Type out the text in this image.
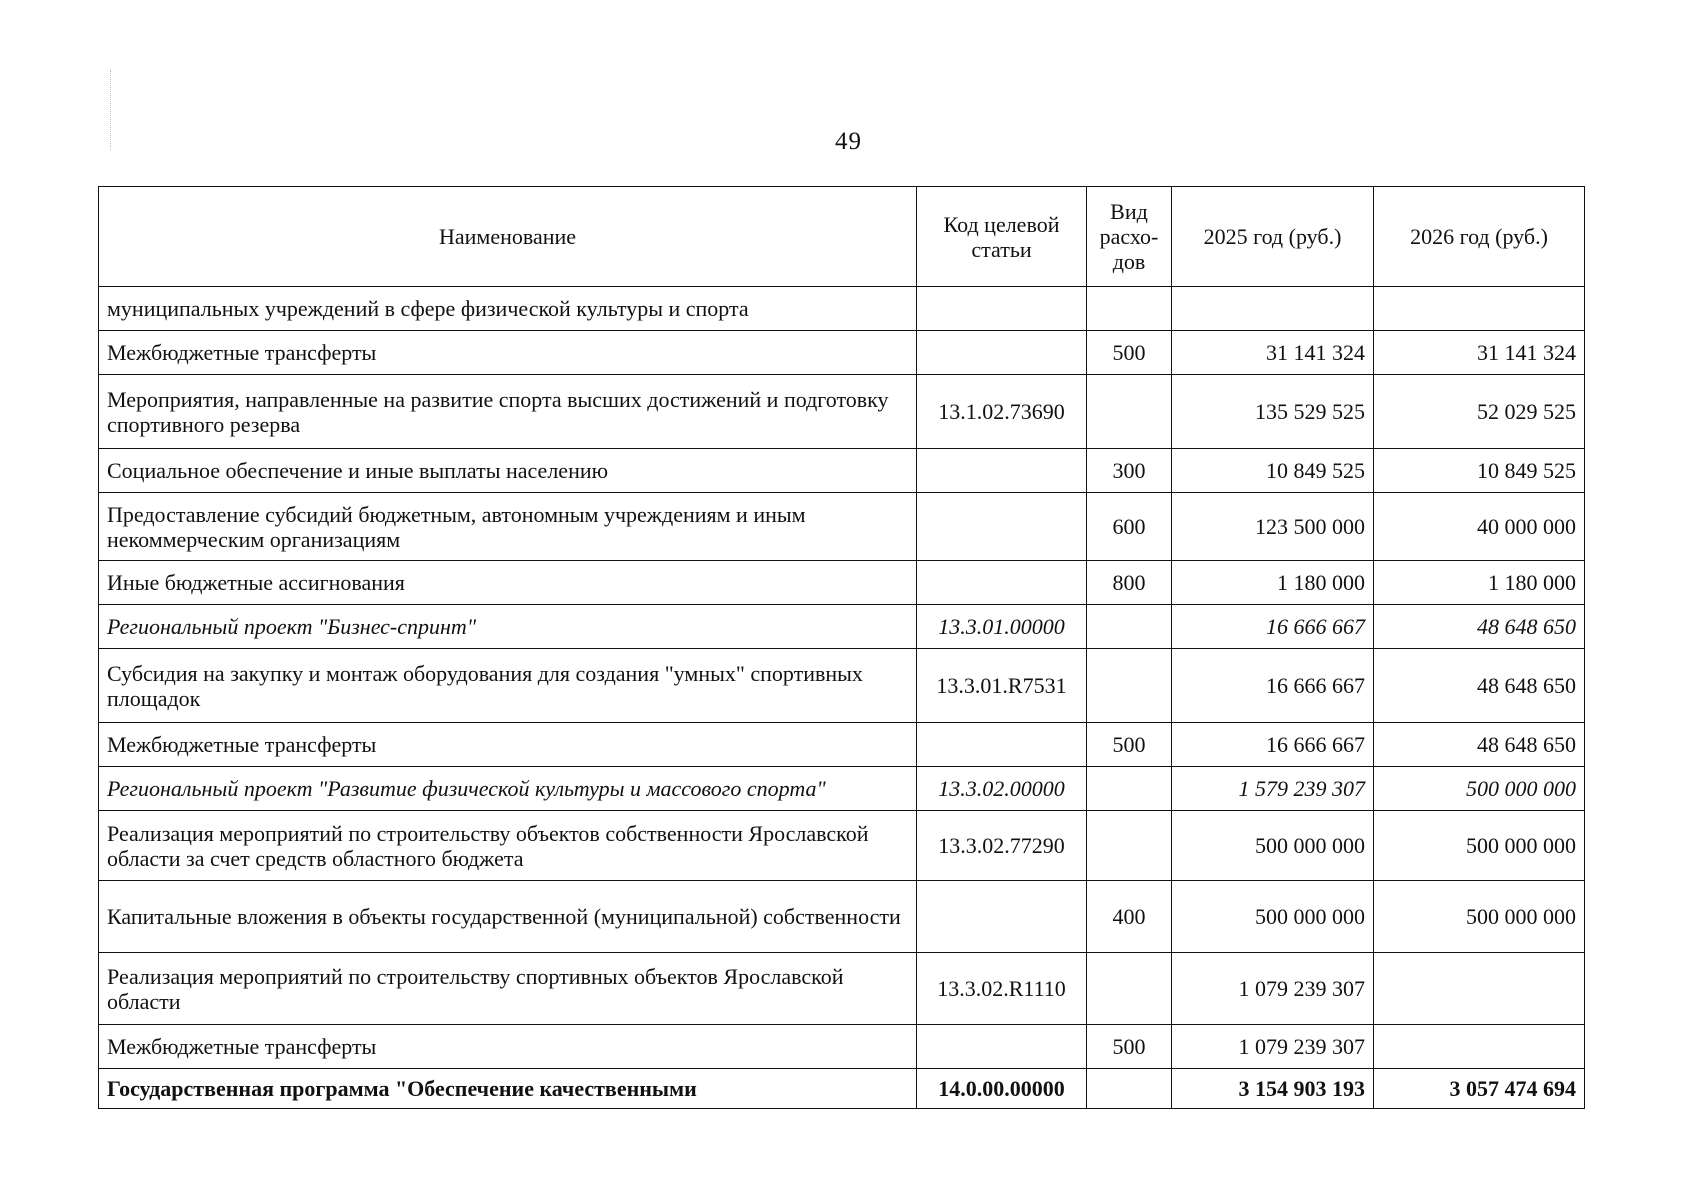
49
Наименование	Код целевой статьи	Вид расхо-дов	2025 год (руб.)	2026 год (руб.)
муниципальных учреждений в сфере физической культуры и спорта				
Межбюджетные трансферты		500	31 141 324	31 141 324
Мероприятия, направленные на развитие спорта высших достижений и подготовку спортивного резерва	13.1.02.73690		135 529 525	52 029 525
Социальное обеспечение и иные выплаты населению		300	10 849 525	10 849 525
Предоставление субсидий бюджетным, автономным учреждениям и иным некоммерческим организациям		600	123 500 000	40 000 000
Иные бюджетные ассигнования		800	1 180 000	1 180 000
Региональный проект "Бизнес-спринт"	13.3.01.00000		16 666 667	48 648 650
Субсидия на закупку и монтаж оборудования для создания "умных" спортивных площадок	13.3.01.R7531		16 666 667	48 648 650
Межбюджетные трансферты		500	16 666 667	48 648 650
Региональный проект "Развитие физической культуры и массового спорта"	13.3.02.00000		1 579 239 307	500 000 000
Реализация мероприятий по строительству объектов собственности Ярославской области за счет средств областного бюджета	13.3.02.77290		500 000 000	500 000 000
Капитальные вложения в объекты государственной (муниципальной) собственности		400	500 000 000	500 000 000
Реализация мероприятий по строительству спортивных объектов Ярославской области	13.3.02.R1110		1 079 239 307	
Межбюджетные трансферты		500	1 079 239 307	
Государственная программа "Обеспечение качественными	14.0.00.00000		3 154 903 193	3 057 474 694
